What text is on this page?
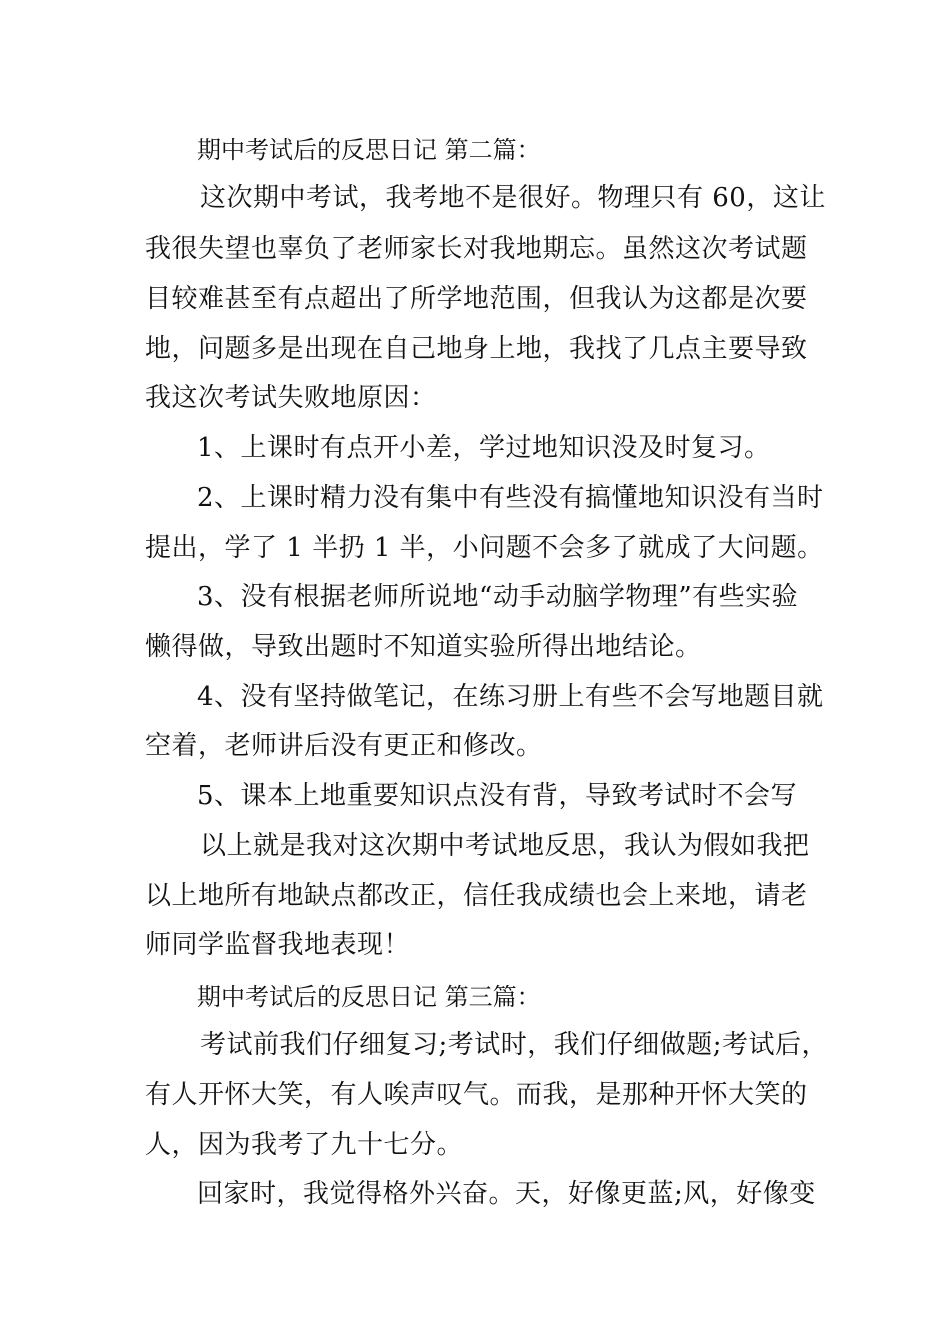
期中考试后的反思日记 第二篇：
这次期中考试，我考地不是很好。物理只有 60，这让
我很失望也辜负了老师家长对我地期忘。虽然这次考试题
目较难甚至有点超出了所学地范围，但我认为这都是次要
地，问题多是出现在自己地身上地，我找了几点主要导致
我这次考试失败地原因：
1、上课时有点开小差，学过地知识没及时复习。
2、上课时精力没有集中有些没有搞懂地知识没有当时
提出，学了 1 半扔 1 半，小问题不会多了就成了大问题。
3、没有根据老师所说地“动手动脑学物理”有些实验
懒得做，导致出题时不知道实验所得出地结论。
4、没有坚持做笔记，在练习册上有些不会写地题目就
空着，老师讲后没有更正和修改。
5、课本上地重要知识点没有背，导致考试时不会写
以上就是我对这次期中考试地反思，我认为假如我把
以上地所有地缺点都改正，信任我成绩也会上来地，请老
师同学监督我地表现！
期中考试后的反思日记 第三篇：
考试前我们仔细复习;考试时，我们仔细做题;考试后，
有人开怀大笑，有人唉声叹气。而我，是那种开怀大笑的
人，因为我考了九十七分。
回家时，我觉得格外兴奋。天，好像更蓝;风，好像变
